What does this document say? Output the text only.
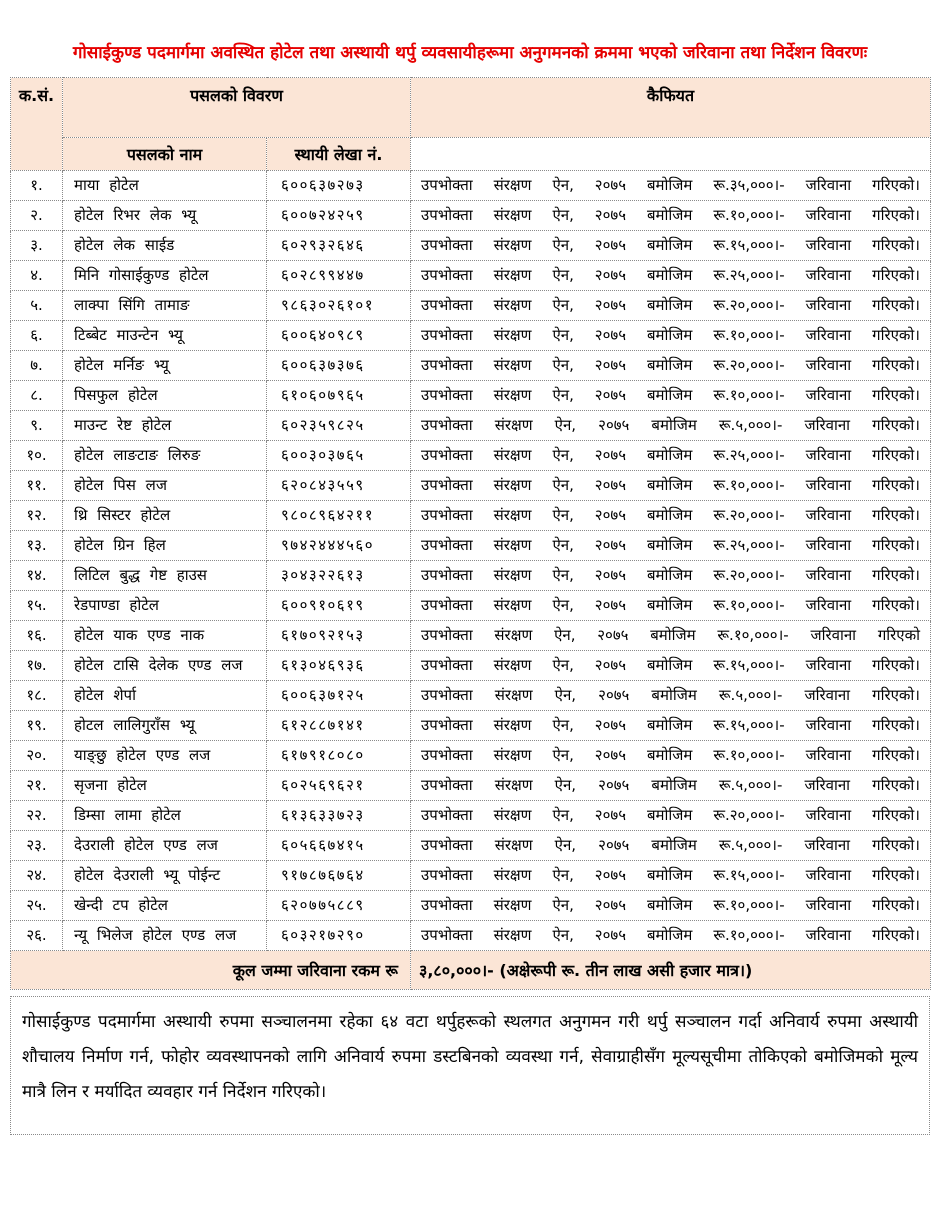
गोसाईकुण्ड पदमार्गमा अवस्थित होटेल तथा अस्थायी थर्पु व्यवसायीहरूमा अनुगमनको क्रममा भएको जरिवाना तथा निर्देशन विवरणः
क.सं.	पसलको विवरण		कैफियत
	पसलको नाम	स्थायी लेखा नं.	
१.	माया होटेल	६००६३७२७३	उपभोक्ता संरक्षण ऐन, २०७५ बमोजिम रू.३५,०००।- जरिवाना गरिएको।
२.	होटेल रिभर लेक भ्यू	६००७२४२५९	उपभोक्ता संरक्षण ऐन, २०७५ बमोजिम रू.१०,०००।- जरिवाना गरिएको।
३.	होटेल लेक साईड	६०२९३२६४६	उपभोक्ता संरक्षण ऐन, २०७५ बमोजिम रू.१५,०००।- जरिवाना गरिएको।
४.	मिनि गोसाईकुण्ड होटेल	६०२८९९४४७	उपभोक्ता संरक्षण ऐन, २०७५ बमोजिम रू.२५,०००।- जरिवाना गरिएको।
५.	लाक्पा सिंगि तामाङ	९८६३०२६१०१	उपभोक्ता संरक्षण ऐन, २०७५ बमोजिम रू.२०,०००।- जरिवाना गरिएको।
६.	टिब्बेट माउन्टेन भ्यू	६००६४०९८९	उपभोक्ता संरक्षण ऐन, २०७५ बमोजिम रू.१०,०००।- जरिवाना गरिएको।
७.	होटेल मर्निङ भ्यू	६००६३७३७६	उपभोक्ता संरक्षण ऐन, २०७५ बमोजिम रू.२०,०००।- जरिवाना गरिएको।
८.	पिसफुल होटेल	६१०६०७९६५	उपभोक्ता संरक्षण ऐन, २०७५ बमोजिम रू.१०,०००।- जरिवाना गरिएको।
९.	माउन्ट रेष्ट होटेल	६०२३५९८२५	उपभोक्ता संरक्षण ऐन, २०७५ बमोजिम रू.५,०००।- जरिवाना गरिएको।
१०.	होटेल लाङटाङ लिरुङ	६००३०३७६५	उपभोक्ता संरक्षण ऐन, २०७५ बमोजिम रू.२५,०००।- जरिवाना गरिएको।
११.	होटेल पिस लज	६२०८४३५५९	उपभोक्ता संरक्षण ऐन, २०७५ बमोजिम रू.१०,०००।- जरिवाना गरिएको।
१२.	थ्रि सिस्टर होटेल	९८०८९६४२११	उपभोक्ता संरक्षण ऐन, २०७५ बमोजिम रू.२०,०००।- जरिवाना गरिएको।
१३.	होटेल ग्रिन हिल	९७४२४४४५६०	उपभोक्ता संरक्षण ऐन, २०७५ बमोजिम रू.२५,०००।- जरिवाना गरिएको।
१४.	लिटिल बुद्ध गेष्ट हाउस	३०४३२२६१३	उपभोक्ता संरक्षण ऐन, २०७५ बमोजिम रू.२०,०००।- जरिवाना गरिएको।
१५.	रेडपाण्डा होटेल	६००९१०६१९	उपभोक्ता संरक्षण ऐन, २०७५ बमोजिम रू.१०,०००।- जरिवाना गरिएको।
१६.	होटेल याक एण्ड नाक	६१७०९२१५३	उपभोक्ता संरक्षण ऐन, २०७५ बमोजिम रू.१०,०००।- जरिवाना गरिएको
१७.	होटेल टासि देलेक एण्ड लज	६१३०४६९३६	उपभोक्ता संरक्षण ऐन, २०७५ बमोजिम रू.१५,०००।- जरिवाना गरिएको।
१८.	होटेल शेर्पा	६००६३७१२५	उपभोक्ता संरक्षण ऐन, २०७५ बमोजिम रू.५,०००।- जरिवाना गरिएको।
१९.	होटल लालिगुराँस भ्यू	६१२८८७१४१	उपभोक्ता संरक्षण ऐन, २०७५ बमोजिम रू.१५,०००।- जरिवाना गरिएको।
२०.	याङ्छु होटेल एण्ड लज	६१७९१८०८०	उपभोक्ता संरक्षण ऐन, २०७५ बमोजिम रू.१०,०००।- जरिवाना गरिएको।
२१.	सृजना होटेल	६०२५६९६२१	उपभोक्ता संरक्षण ऐन, २०७५ बमोजिम रू.५,०००।- जरिवाना गरिएको।
२२.	डिम्सा लामा होटेल	६१३६३३७२३	उपभोक्ता संरक्षण ऐन, २०७५ बमोजिम रू.२०,०००।- जरिवाना गरिएको।
२३.	देउराली होटेल एण्ड लज	६०५६६७४१५	उपभोक्ता संरक्षण ऐन, २०७५ बमोजिम रू.५,०००।- जरिवाना गरिएको।
२४.	होटेल देउराली भ्यू पोईन्ट	९१७८७६७६४	उपभोक्ता संरक्षण ऐन, २०७५ बमोजिम रू.१५,०००।- जरिवाना गरिएको।
२५.	खेन्दी टप होटेल	६२०७७५८८९	उपभोक्ता संरक्षण ऐन, २०७५ बमोजिम रू.१०,०००।- जरिवाना गरिएको।
२६.	न्यू भिलेज होटेल एण्ड लज	६०३२१७२९०	उपभोक्ता संरक्षण ऐन, २०७५ बमोजिम रू.१०,०००।- जरिवाना गरिएको।
कूल जम्मा जरिवाना रकम रू			३,८०,०००।- (अक्षेरूपी रू. तीन लाख असी हजार मात्र।)
गोसाईकुण्ड पदमार्गमा अस्थायी रुपमा सञ्चालनमा रहेका ६४ वटा थर्पुहरूको स्थलगत अनुगमन गरी थर्पु सञ्चालन गर्दा अनिवार्य रुपमा अस्थायी शौचालय निर्माण गर्न, फोहोर व्यवस्थापनको लागि अनिवार्य रुपमा डस्टबिनको व्यवस्था गर्न, सेवाग्राहीसँग मूल्यसूचीमा तोकिएको बमोजिमको मूल्य मात्रै लिन र मर्यादित व्यवहार गर्न निर्देशन गरिएको।
